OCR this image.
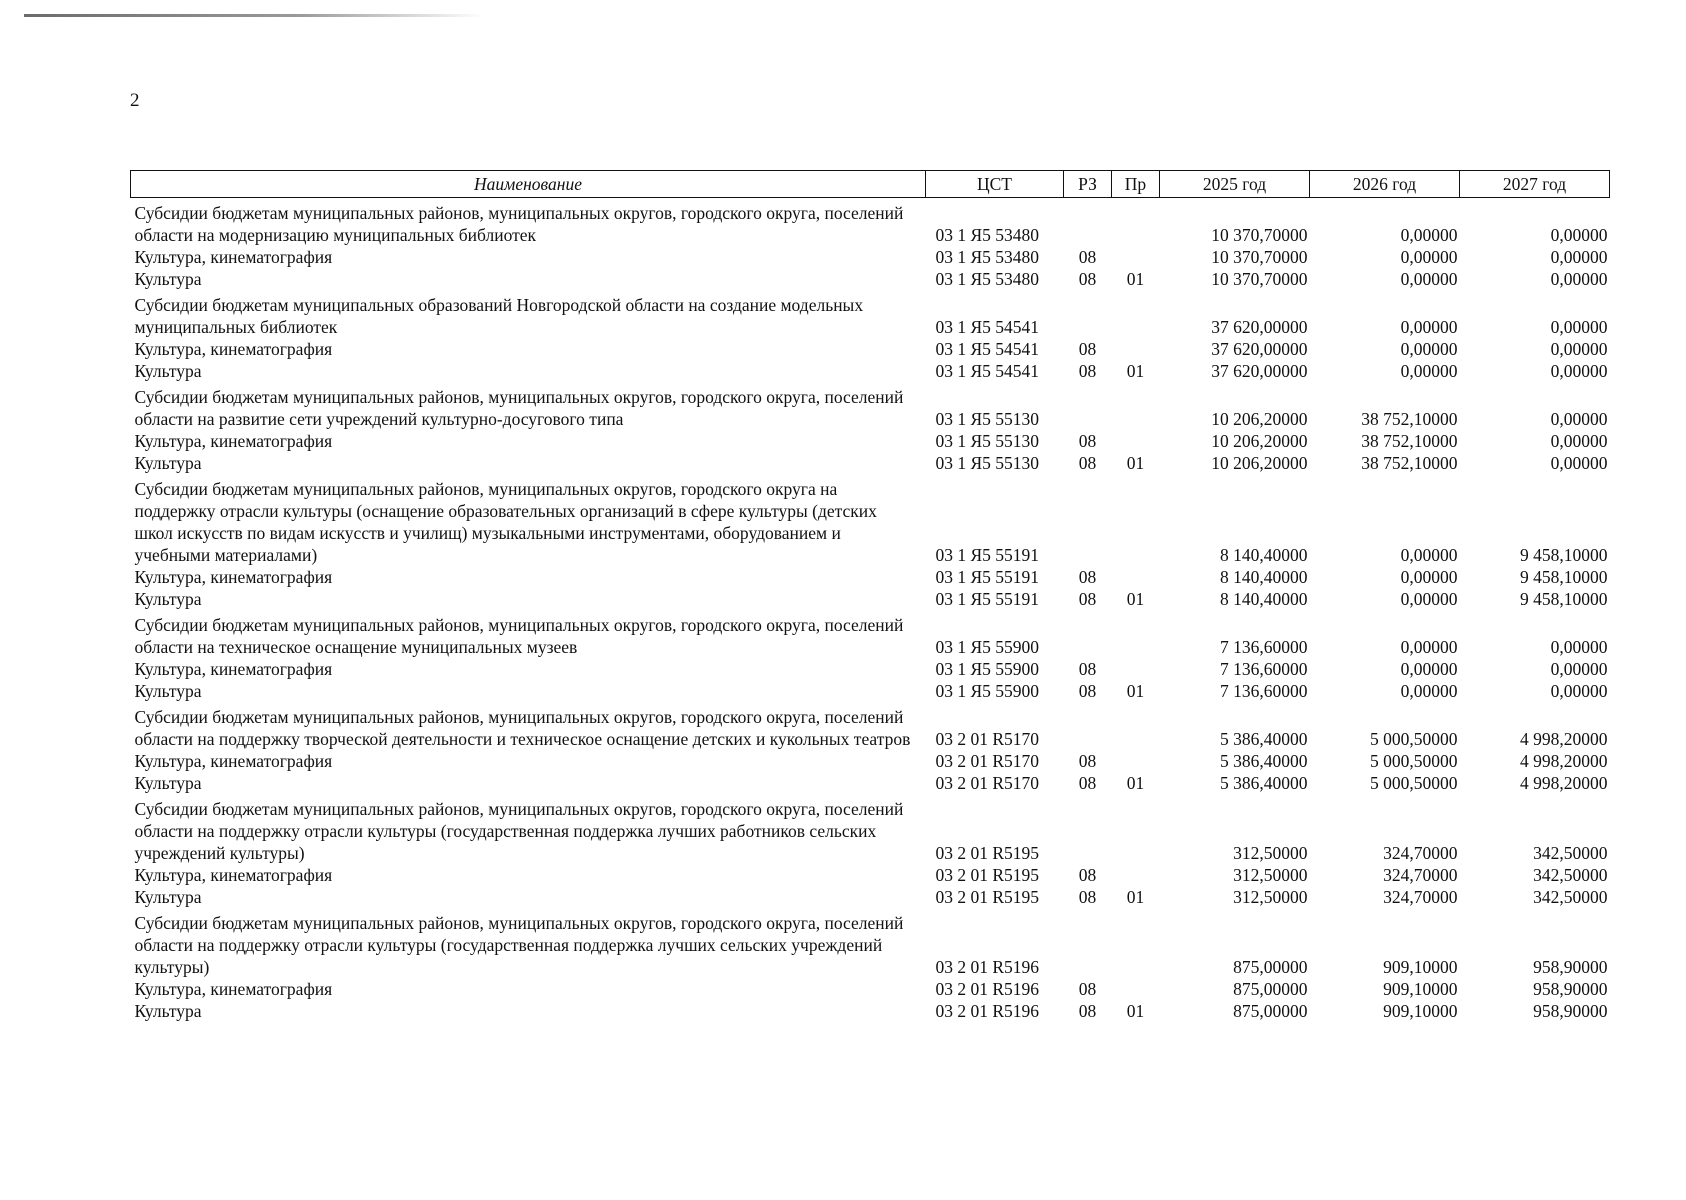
2
Наименование	ЦСТ	РЗ	Пр	2025 год	2026 год	2027 год
Субсидии бюджетам муниципальных районов, муниципальных округов, городского округа, поселений области на модернизацию муниципальных библиотек	03 1 Я5 53480			10 370,70000	0,00000	0,00000
Культура, кинематография	03 1 Я5 53480	08		10 370,70000	0,00000	0,00000
Культура	03 1 Я5 53480	08	01	10 370,70000	0,00000	0,00000
Субсидии бюджетам муниципальных образований Новгородской области на создание модельных муниципальных библиотек	03 1 Я5 54541			37 620,00000	0,00000	0,00000
Культура, кинематография	03 1 Я5 54541	08		37 620,00000	0,00000	0,00000
Культура	03 1 Я5 54541	08	01	37 620,00000	0,00000	0,00000
Субсидии бюджетам муниципальных районов, муниципальных округов, городского округа, поселений области на развитие сети учреждений культурно-досугового типа	03 1 Я5 55130			10 206,20000	38 752,10000	0,00000
Культура, кинематография	03 1 Я5 55130	08		10 206,20000	38 752,10000	0,00000
Культура	03 1 Я5 55130	08	01	10 206,20000	38 752,10000	0,00000
Субсидии бюджетам муниципальных районов, муниципальных округов, городского округа на поддержку отрасли культуры (оснащение образовательных организаций в сфере культуры (детских школ искусств по видам искусств и училищ) музыкальными инструментами, оборудованием и учебными материалами)	03 1 Я5 55191			8 140,40000	0,00000	9 458,10000
Культура, кинематография	03 1 Я5 55191	08		8 140,40000	0,00000	9 458,10000
Культура	03 1 Я5 55191	08	01	8 140,40000	0,00000	9 458,10000
Субсидии бюджетам муниципальных районов, муниципальных округов, городского округа, поселений области на техническое оснащение муниципальных музеев	03 1 Я5 55900			7 136,60000	0,00000	0,00000
Культура, кинематография	03 1 Я5 55900	08		7 136,60000	0,00000	0,00000
Культура	03 1 Я5 55900	08	01	7 136,60000	0,00000	0,00000
Субсидии бюджетам муниципальных районов, муниципальных округов, городского округа, поселений области на поддержку творческой деятельности и техническое оснащение детских и кукольных театров	03 2 01 R5170			5 386,40000	5 000,50000	4 998,20000
Культура, кинематография	03 2 01 R5170	08		5 386,40000	5 000,50000	4 998,20000
Культура	03 2 01 R5170	08	01	5 386,40000	5 000,50000	4 998,20000
Субсидии бюджетам муниципальных районов, муниципальных округов, городского округа, поселений области на поддержку отрасли культуры (государственная поддержка лучших работников сельских учреждений культуры)	03 2 01 R5195			312,50000	324,70000	342,50000
Культура, кинематография	03 2 01 R5195	08		312,50000	324,70000	342,50000
Культура	03 2 01 R5195	08	01	312,50000	324,70000	342,50000
Субсидии бюджетам муниципальных районов, муниципальных округов, городского округа, поселений области на поддержку отрасли культуры (государственная поддержка лучших сельских учреждений культуры)	03 2 01 R5196			875,00000	909,10000	958,90000
Культура, кинематография	03 2 01 R5196	08		875,00000	909,10000	958,90000
Культура	03 2 01 R5196	08	01	875,00000	909,10000	958,90000
